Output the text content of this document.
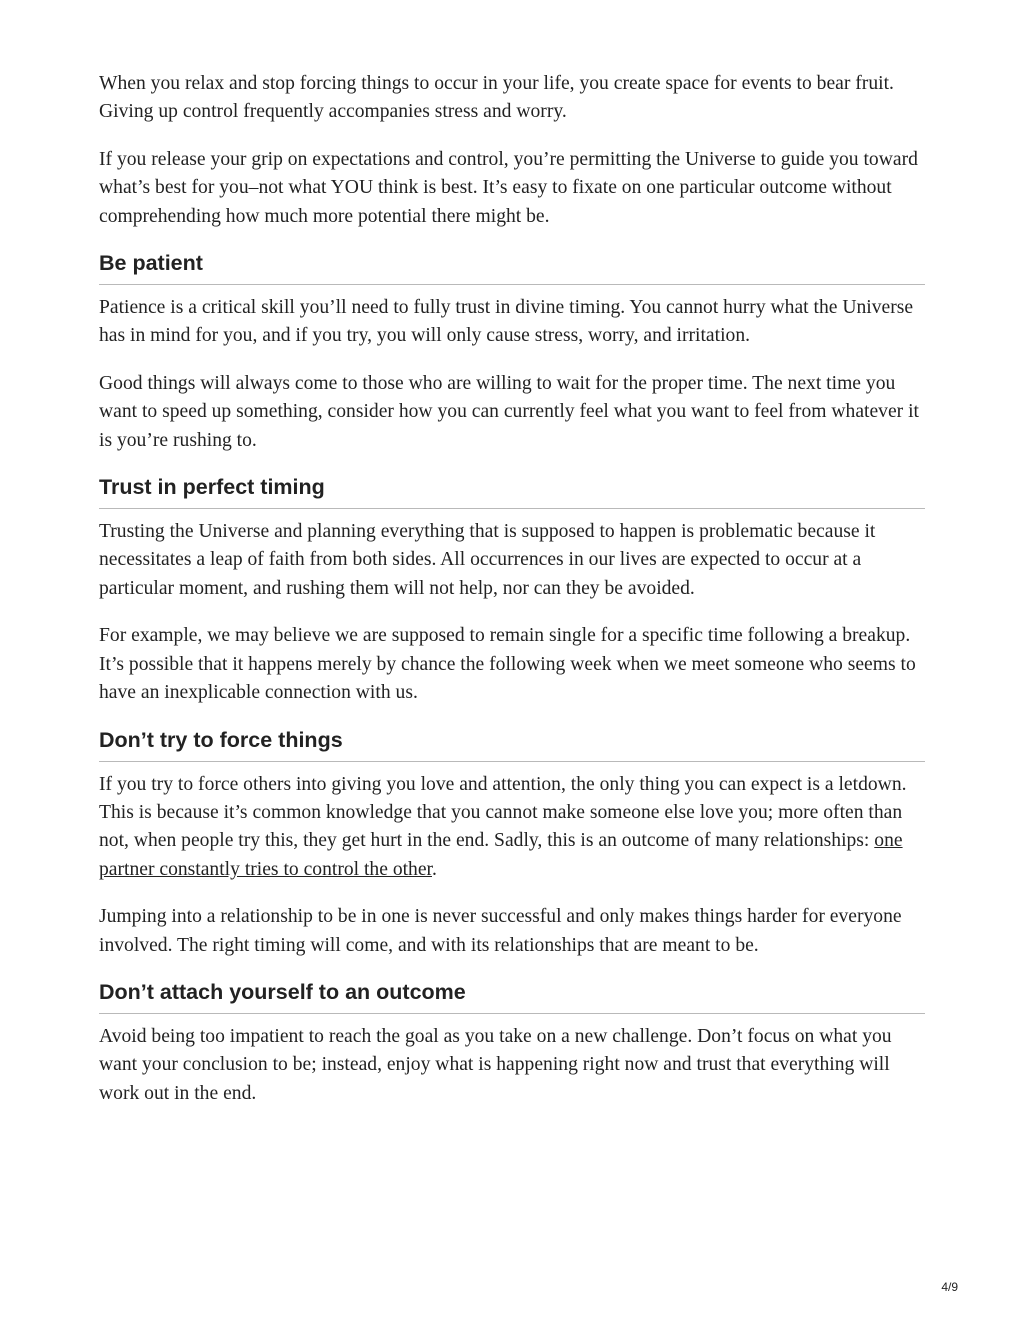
When you relax and stop forcing things to occur in your life, you create space for events to bear fruit. Giving up control frequently accompanies stress and worry.

If you release your grip on expectations and control, you’re permitting the Universe to guide you toward what’s best for you–not what YOU think is best. It’s easy to fixate on one particular outcome without comprehending how much more potential there might be.

Be patient

Patience is a critical skill you’ll need to fully trust in divine timing. You cannot hurry what the Universe has in mind for you, and if you try, you will only cause stress, worry, and irritation.

Good things will always come to those who are willing to wait for the proper time. The next time you want to speed up something, consider how you can currently feel what you want to feel from whatever it is you’re rushing to.

Trust in perfect timing

Trusting the Universe and planning everything that is supposed to happen is problematic because it necessitates a leap of faith from both sides. All occurrences in our lives are expected to occur at a particular moment, and rushing them will not help, nor can they be avoided.

For example, we may believe we are supposed to remain single for a specific time following a breakup. It’s possible that it happens merely by chance the following week when we meet someone who seems to have an inexplicable connection with us.

Don’t try to force things

If you try to force others into giving you love and attention, the only thing you can expect is a letdown. This is because it’s common knowledge that you cannot make someone else love you; more often than not, when people try this, they get hurt in the end. Sadly, this is an outcome of many relationships: one partner constantly tries to control the other.

Jumping into a relationship to be in one is never successful and only makes things harder for everyone involved. The right timing will come, and with its relationships that are meant to be.

Don’t attach yourself to an outcome

Avoid being too impatient to reach the goal as you take on a new challenge. Don’t focus on what you want your conclusion to be; instead, enjoy what is happening right now and trust that everything will work out in the end.

4/9
